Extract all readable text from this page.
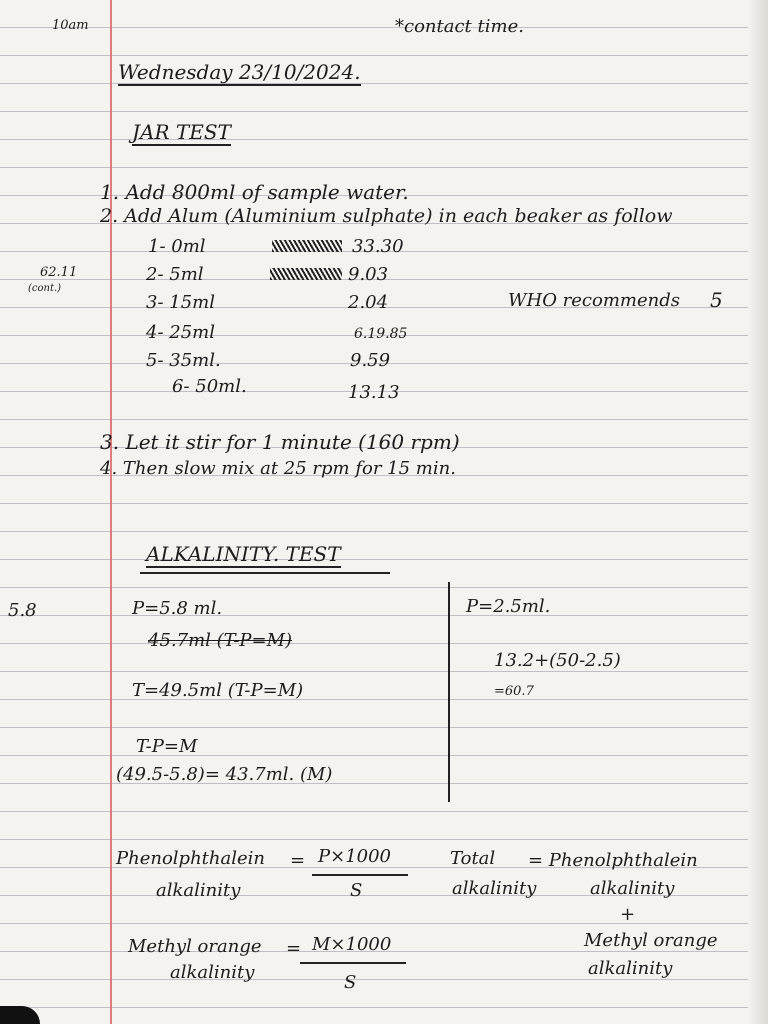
10am	*contact time.
Wednesday 23/10/2024.
JAR TEST
62.11
(cont.)
5.8
1. Add 800ml of sample water.
2. Add Alum (Aluminium sulphate) in each beaker as follow
1- 0ml	33.30
2- 5ml	9.03
3- 15ml	2.04	WHO recommends 5
4- 25ml	6.19.85
5- 35ml.	9.59
6- 50ml.	13.13
3. Let it stir for 1 minute (160 rpm)
4. Then slow mix at 25 rpm for 15 min.
ALKALINITY. TEST
P=5.8 ml.
45.7ml (T-P=M)
T=49.5ml (T-P=M)
T-P=M
(49.5-5.8)= 43.7ml. (M)
P=2.5ml.
13.2+(50-2.5)
=60.7
Phenolphthalein
alkalinity
= P×1000
S
Total
alkalinity
= Phenolphthalein
alkalinity
+
Methyl orange
alkalinity
Methyl orange
alkalinity
= M×1000
S
